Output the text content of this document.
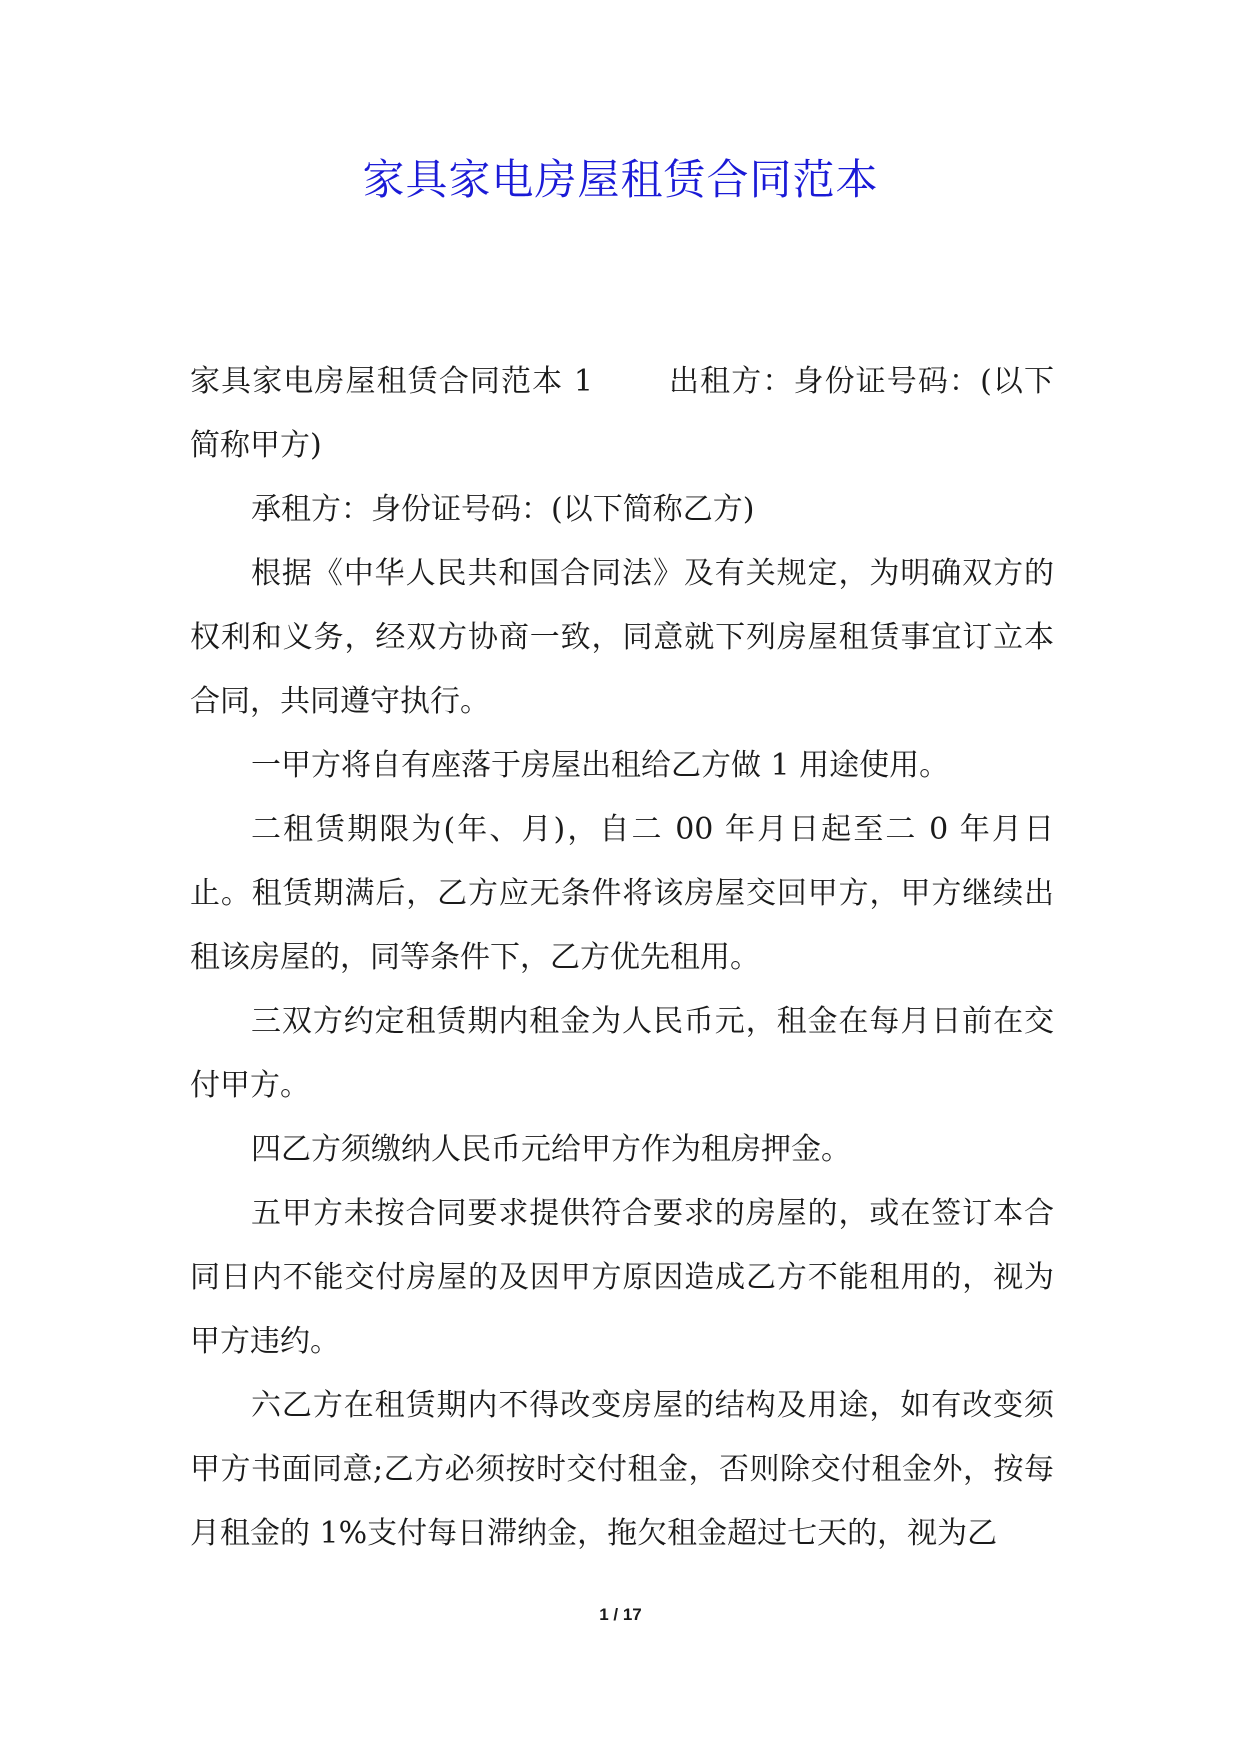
家具家电房屋租赁合同范本

家具家电房屋租赁合同范本 1	出租方：身份证号码：(以下简称甲方)

承租方：身份证号码：(以下简称乙方)

根据《中华人民共和国合同法》及有关规定，为明确双方的权利和义务，经双方协商一致，同意就下列房屋租赁事宜订立本合同，共同遵守执行。

一甲方将自有座落于房屋出租给乙方做 1 用途使用。

二租赁期限为(年、月)，自二 00 年月日起至二 0 年月日止。租赁期满后，乙方应无条件将该房屋交回甲方，甲方继续出租该房屋的，同等条件下，乙方优先租用。

三双方约定租赁期内租金为人民币元，租金在每月日前在交付甲方。

四乙方须缴纳人民币元给甲方作为租房押金。

五甲方未按合同要求提供符合要求的房屋的，或在签订本合同日内不能交付房屋的及因甲方原因造成乙方不能租用的，视为甲方违约。

六乙方在租赁期内不得改变房屋的结构及用途，如有改变须甲方书面同意;乙方必须按时交付租金，否则除交付租金外，按每月租金的 1%支付每日滞纳金，拖欠租金超过七天的，视为乙

1 / 17
